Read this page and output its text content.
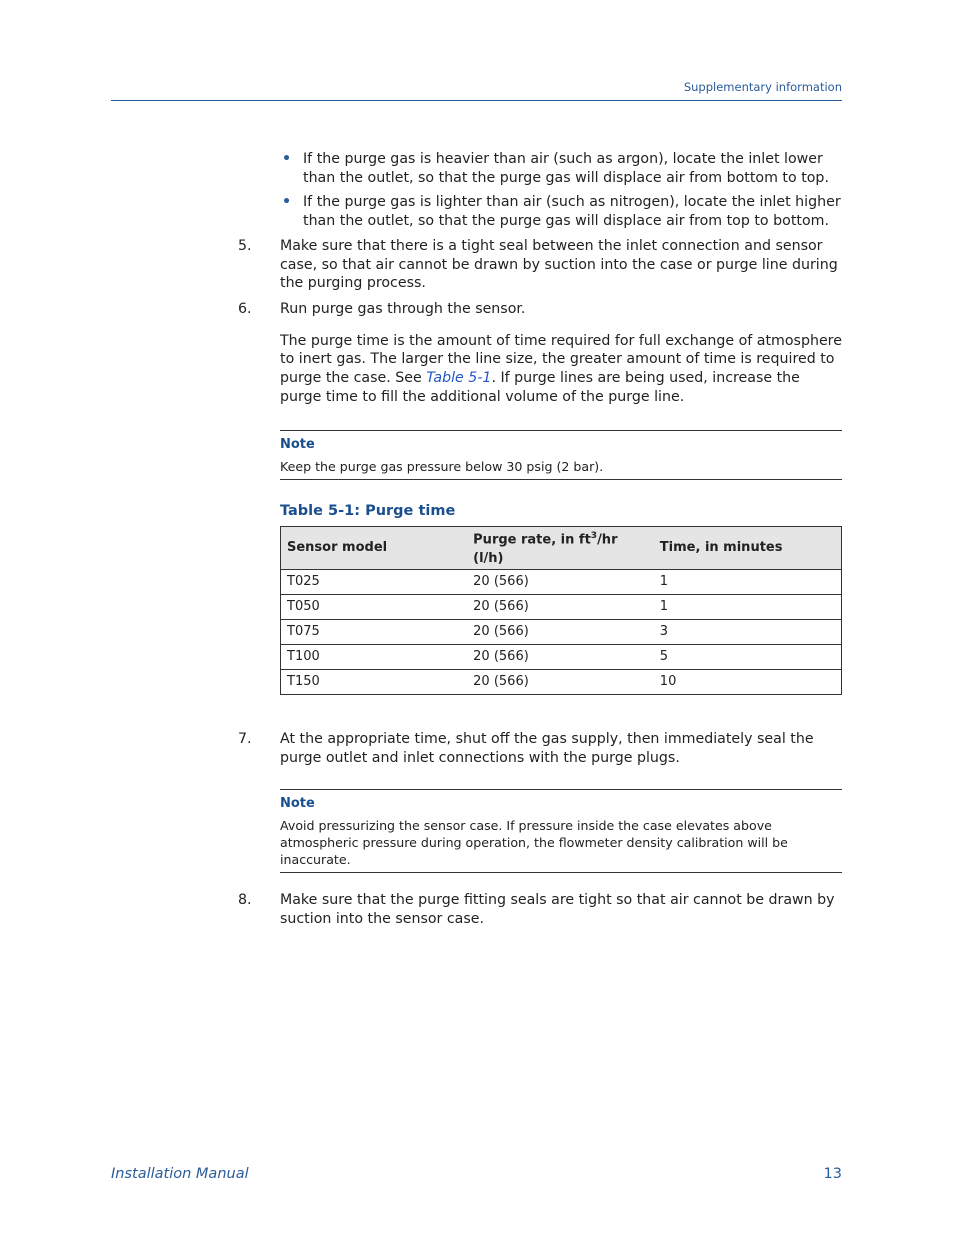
Supplementary information
• If the purge gas is heavier than air (such as argon), locate the inlet lower than the outlet, so that the purge gas will displace air from bottom to top.
• If the purge gas is lighter than air (such as nitrogen), locate the inlet higher than the outlet, so that the purge gas will displace air from top to bottom.
5. Make sure that there is a tight seal between the inlet connection and sensor case, so that air cannot be drawn by suction into the case or purge line during the purging process.
6. Run purge gas through the sensor.
The purge time is the amount of time required for full exchange of atmosphere to inert gas. The larger the line size, the greater amount of time is required to purge the case. See Table 5-1. If purge lines are being used, increase the purge time to fill the additional volume of the purge line.
Note
Keep the purge gas pressure below 30 psig (2 bar).
Table 5-1: Purge time
Sensor model	Purge rate, in $ft^3/hr$ (l/h)	Time, in minutes
T025	20 (566)	1
T050	20 (566)	1
T075	20 (566)	3
T100	20 (566)	5
T150	20 (566)	10
7. At the appropriate time, shut off the gas supply, then immediately seal the purge outlet and inlet connections with the purge plugs.
Note
Avoid pressurizing the sensor case. If pressure inside the case elevates above atmospheric pressure during operation, the flowmeter density calibration will be inaccurate.
8. Make sure that the purge fitting seals are tight so that air cannot be drawn by suction into the sensor case.
Installation Manual	13
